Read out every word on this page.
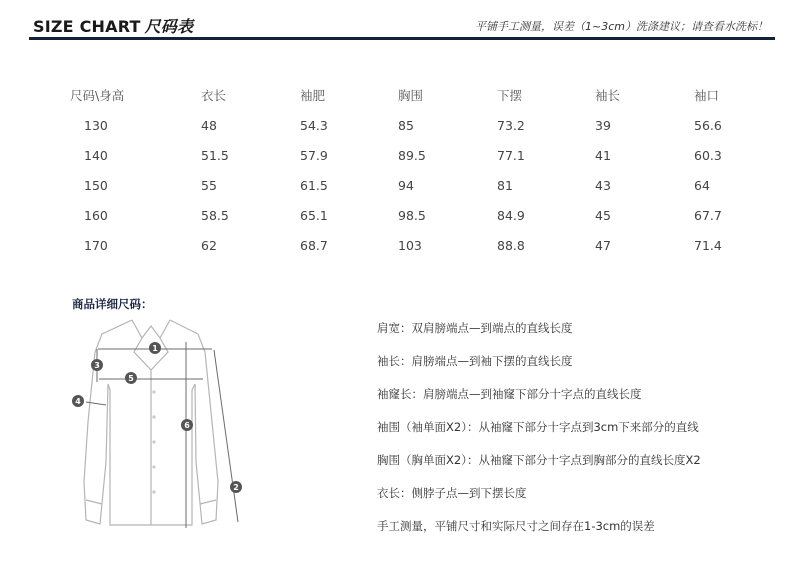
SIZE CHART 尺码表	平铺手工测量，误差（1~3cm）洗涤建议；请查看水洗标！
尺码\身高	衣长	袖肥	胸围	下摆	袖长	袖口
130	48	54.3	85	73.2	39	56.6
140	51.5	57.9	89.5	77.1	41	60.3
150	55	61.5	94	81	43	64
160	58.5	65.1	98.5	84.9	45	67.7
170	62	68.7	103	88.8	47	71.4
商品详细尺码：
1
2
3
4
5
6
肩宽：双肩膀端点—到端点的直线长度
袖长：肩膀端点—到袖下摆的直线长度
袖窿长：肩膀端点—到袖窿下部分十字点的直线长度
袖围（袖单面X2）：从袖窿下部分十字点到3cm下来部分的直线
胸围（胸单面X2）：从袖窿下部分十字点到胸部分的直线长度X2
衣长：侧脖子点—到下摆长度
手工测量，平铺尺寸和实际尺寸之间存在1-3cm的误差
